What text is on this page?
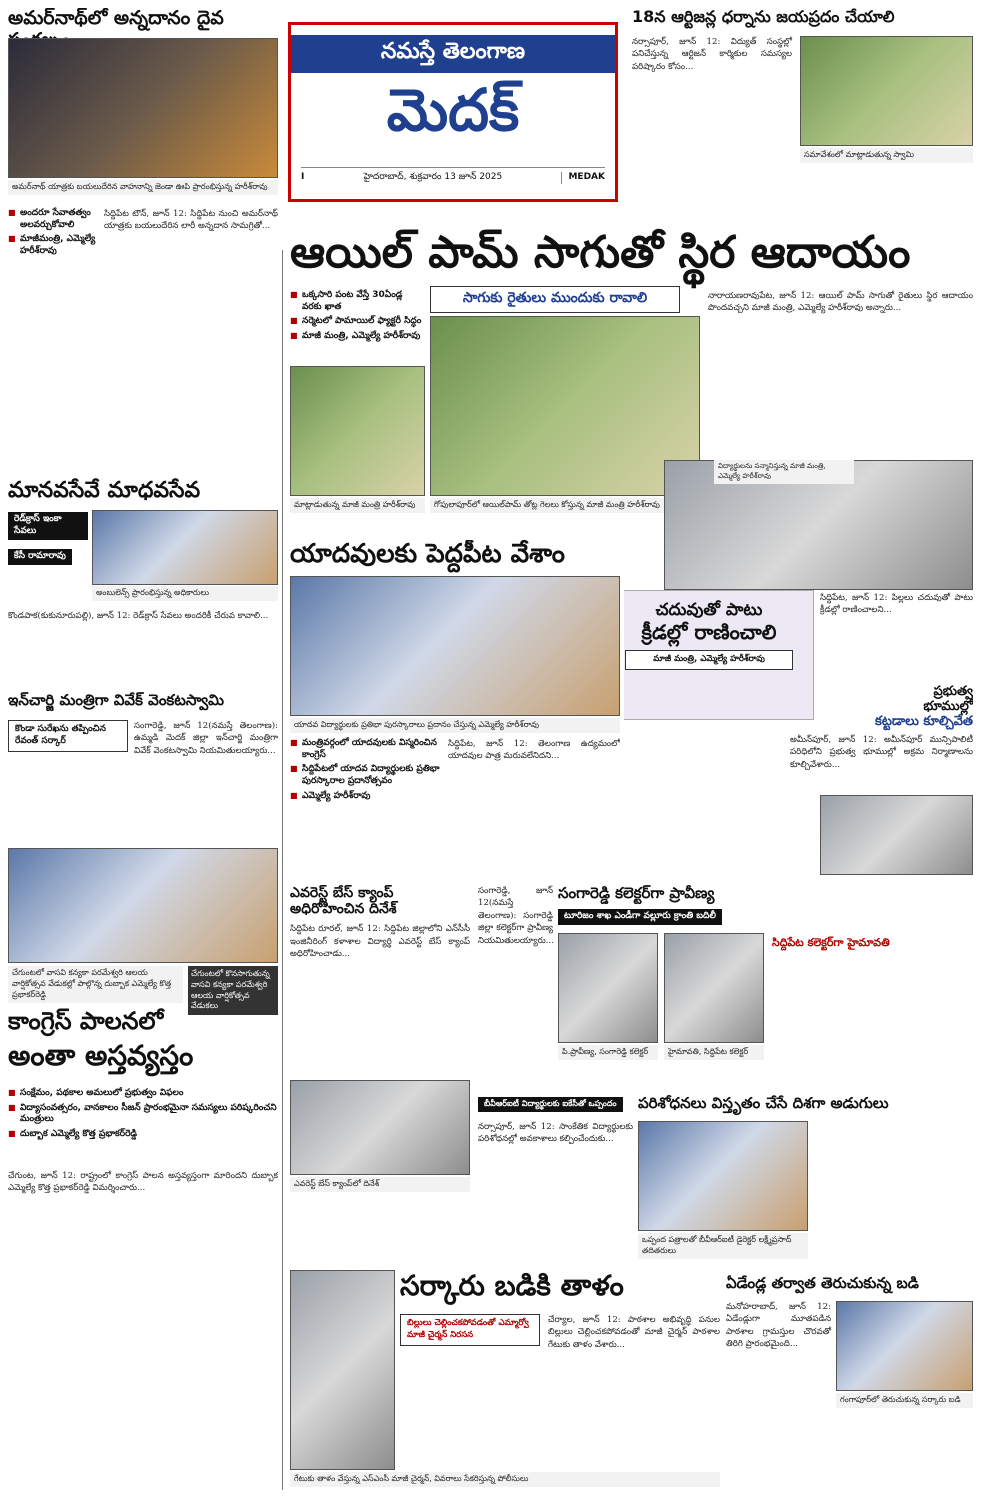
అమర్‌నాథ్‌లో అన్నదానం దైవ
అమర్‌నాథ్ యాత్రకు బయలుదేరిన వాహనాన్ని జెండా ఊపి ప్రారంభిస్తున్న హరీశ్‌రావు
■ అందరూ సేవాతత్వం అలవర్చుకోవాలి
■ మాజీమంత్రి, ఎమ్మెల్యే హరీశ్‌రావు
సిద్దిపేట టౌన్, జూన్ 12: సిద్దిపేట నుంచి అమర్‌నాథ్ యాత్రకు బయలుదేరిన లారీ అన్నదాన సామగ్రితో...
నమస్తే తెలంగాణ
మెదక్
I	హైదరాబాద్, శుక్రవారం 13 జూన్ 2025	MEDAK
18న ఆర్టిజన్ల ధర్నాను జయప్రదం చేయాలి
నర్సాపూర్, జూన్ 12: విద్యుత్ సంస్థల్లో పనిచేస్తున్న ఆర్టిజన్ కార్మికుల సమస్యల పరిష్కారం కోసం...
సమావేశంలో మాట్లాడుతున్న స్వామి
ఆయిల్ పామ్ సాగుతో స్థిర ఆదాయం
సాగుకు రైతులు ముందుకు రావాలి
■ ఒక్కసారి పంట వేస్తే 30ఏండ్ల వరకు ఖాత
■ నర్మెటలో పామాయిల్ ఫ్యాక్టరీ సిద్ధం
■ మాజీ మంత్రి, ఎమ్మెల్యే హరీశ్‌రావు
మాట్లాడుతున్న మాజీ మంత్రి హరీశ్‌రావు	గోపులాపూర్‌లో ఆయిల్‌పామ్ తోట్ల గెలలు కోస్తున్న మాజీ మంత్రి హరీశ్‌రావు
నారాయణరావుపేట, జూన్ 12: ఆయిల్ పామ్ సాగుతో రైతులు స్థిర ఆదాయం పొందవచ్చని మాజీ మంత్రి, ఎమ్మెల్యే హరీశ్‌రావు అన్నారు...
మానవసేవే మాధవసేవ
రెడ్‌క్రాస్ ఇంకా సేవలు కేసీ రామారావు
అంబులెన్స్ ప్రారంభిస్తున్న అధికారులు
కొండపాక(కుకునూరుపల్లి), జూన్ 12: రెడ్‌క్రాస్ సేవలు అందరికీ చేరువ కావాలి...
యాదవులకు పెద్దపీట వేశాం
యాదవ విద్యార్థులకు ప్రతిభా పురస్కారాలు ప్రదానం చేస్తున్న ఎమ్మెల్యే హరీశ్‌రావు
■ మంత్రివర్గంలో యాదవులకు విస్మరించిన కాంగ్రెస్
■ సిద్దిపేటలో యాదవ విద్యార్థులకు ప్రతిభా పురస్కారాల ప్రదానోత్సవం
■ ఎమ్మెల్యే హరీశ్‌రావు
సిద్దిపేట, జూన్ 12: తెలంగాణ ఉద్యమంలో యాదవుల పాత్ర మరువలేనిదని...
విద్యార్థులను సన్మానిస్తున్న మాజీ మంత్రి, ఎమ్మెల్యే హరీశ్‌రావు
చదువుతో పాటు
క్రీడల్లో రాణించాలి
మాజీ మంత్రి, ఎమ్మెల్యే హరీశ్‌రావు
సిద్దిపేట, జూన్ 12: పిల్లలు చదువుతో పాటు క్రీడల్లో రాణించాలని...
ప్రభుత్వ
భూముల్లో
కట్టడాలు కూల్చివేత
అమీన్‌పూర్, జూన్ 12: అమీన్‌పూర్ మున్సిపాలిటీ పరిధిలోని ప్రభుత్వ భూముల్లో అక్రమ నిర్మాణాలను కూల్చివేశారు...
ఇన్‌చార్జి మంత్రిగా వివేక్ వెంకటస్వామి
కొండా సురేఖను తప్పించిన రేవంత్ సర్కార్
సంగారెడ్డి, జూన్ 12(నమస్తే తెలంగాణ): ఉమ్మడి మెదక్ జిల్లా ఇన్‌చార్జి మంత్రిగా వివేక్ వెంకటస్వామి నియమితులయ్యారు...
చేగుంటలో వాసవి కన్యకా పరమేశ్వరి ఆలయ వార్షికోత్సవ వేడుకల్లో పాల్గొన్న దుబ్బాక ఎమ్మెల్యే కొత్త ప్రభాకర్‌రెడ్డి
చేగుంటలో కొనసాగుతున్న వాసవి కన్యకా పరమేశ్వరి ఆలయ వార్షికోత్సవ వేడుకలు
కాంగ్రెస్ పాలనలో
అంతా అస్తవ్యస్తం
■ సంక్షేమం, పథకాల అమలులో ప్రభుత్వం విఫలం
■ విద్యాసంవత్సరం, వానకాలం సీజన్ ప్రారంభమైనా సమస్యలు పరిష్కరించని మంత్రులు
■ దుబ్బాక ఎమ్మెల్యే కొత్త ప్రభాకర్‌రెడ్డి
చేగుంట, జూన్ 12: రాష్ట్రంలో కాంగ్రెస్ పాలన అస్తవ్యస్తంగా మారిందని దుబ్బాక ఎమ్మెల్యే కొత్త ప్రభాకర్‌రెడ్డి విమర్శించారు...
ఎవరెస్ట్ బేస్ క్యాంప్ అధిరోహించిన దినేశ్
సిద్దిపేట రూరల్, జూన్ 12: సిద్దిపేట జిల్లాలోని ఎన్‌సీసీ ఇంజినీరింగ్ కళాశాల విద్యార్థి ఎవరెస్ట్ బేస్ క్యాంప్ అధిరోహించాడు...
ఎవరెస్ట్ బేస్ క్యాంప్‌లో దినేశ్
సంగారెడ్డి కలెక్టర్‌గా ప్రావీణ్య
టూరిజం శాఖ ఎండీగా వల్లూరు క్రాంతి బదిలీ
సంగారెడ్డి, జూన్ 12(నమస్తే తెలంగాణ): సంగారెడ్డి జిల్లా కలెక్టర్‌గా ప్రావీణ్య నియమితులయ్యారు...
పి.ప్రావీణ్య, సంగారెడ్డి కలెక్టర్	హైమావతి, సిద్దిపేట కలెక్టర్
సిద్దిపేట కలెక్టర్‌గా హైమావతి
బీవీఆర్‌ఐటీ విద్యార్థులకు ఐకేసీతో ఒప్పందం	పరిశోధనలు విస్తృతం చేసే దిశగా అడుగులు
నర్సాపూర్, జూన్ 12: సాంకేతిక విద్యార్థులకు పరిశోధనల్లో అవకాశాలు కల్పించేందుకు...
ఒప్పంద పత్రాలతో బీవీఆర్‌ఐటీ డైరెక్టర్ లక్ష్మీప్రసాద్ తదితరులు
సర్కారు బడికి తాళం
బిల్లులు చెల్లించకపోవడంతో ఎమ్మార్వో మాజీ చైర్మన్ నిరసన
చేర్యాల, జూన్ 12: పాఠశాల అభివృద్ధి పనుల బిల్లులు చెల్లించకపోవడంతో మాజీ చైర్మన్ పాఠశాల గేటుకు తాళం వేశారు...
గేటుకు తాళం వేస్తున్న ఎస్‌ఎంసీ మాజీ చైర్మన్, వివరాలు సేకరిస్తున్న పోలీసులు
ఏడేండ్ల తర్వాత తెరుచుకున్న బడి
మనోహరాబాద్, జూన్ 12: ఏడేండ్లుగా మూతపడిన పాఠశాల గ్రామస్తుల చొరవతో తిరిగి ప్రారంభమైంది...
గంగాపూర్‌లో తెరుచుకున్న సర్కారు బడి
